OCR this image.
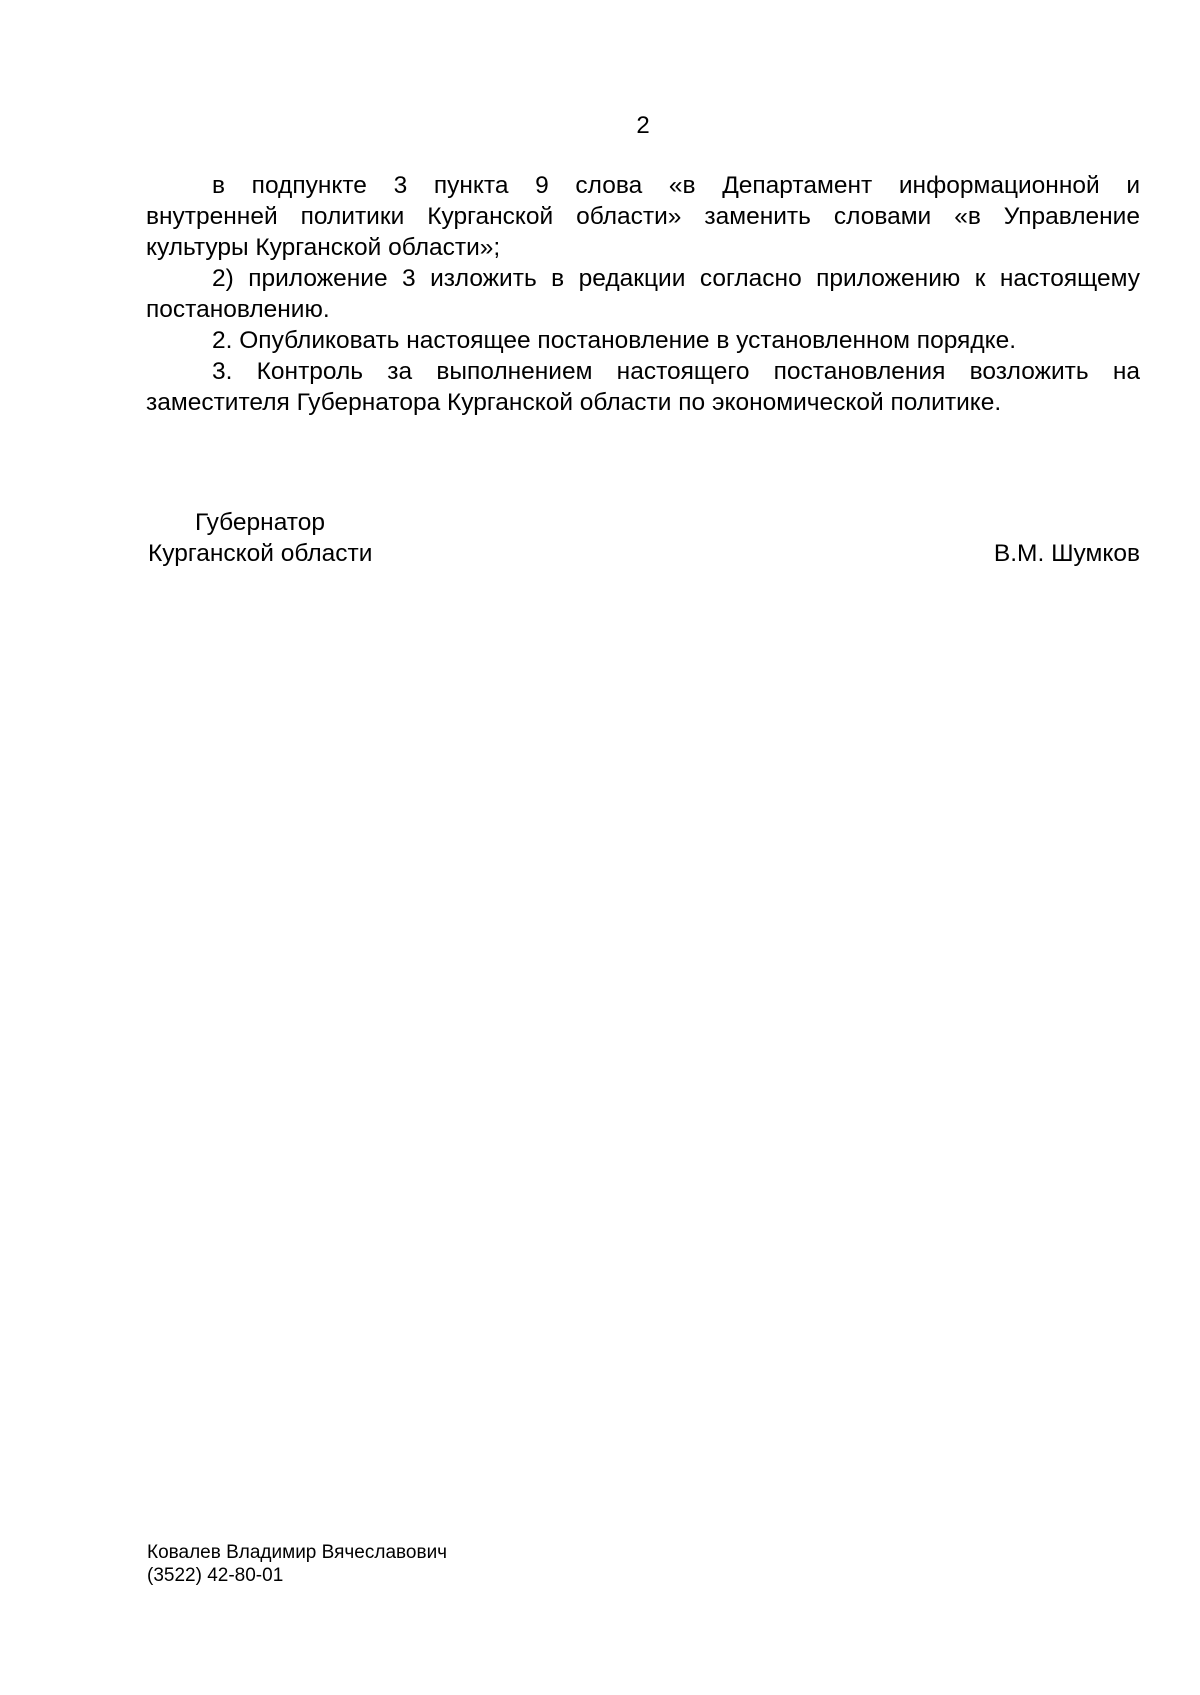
2
в подпункте 3 пункта 9 слова «в Департамент информационной и
внутренней политики Курганской области» заменить словами «в Управление
культуры Курганской области»;
2) приложение 3 изложить в редакции согласно приложению к настоящему
постановлению.
2. Опубликовать настоящее постановление в установленном порядке.
3. Контроль за выполнением настоящего постановления возложить на
заместителя Губернатора Курганской области по экономической политике.
Губернатор
Курганской области	В.М. Шумков
Ковалев Владимир Вячеславович
(3522) 42-80-01
